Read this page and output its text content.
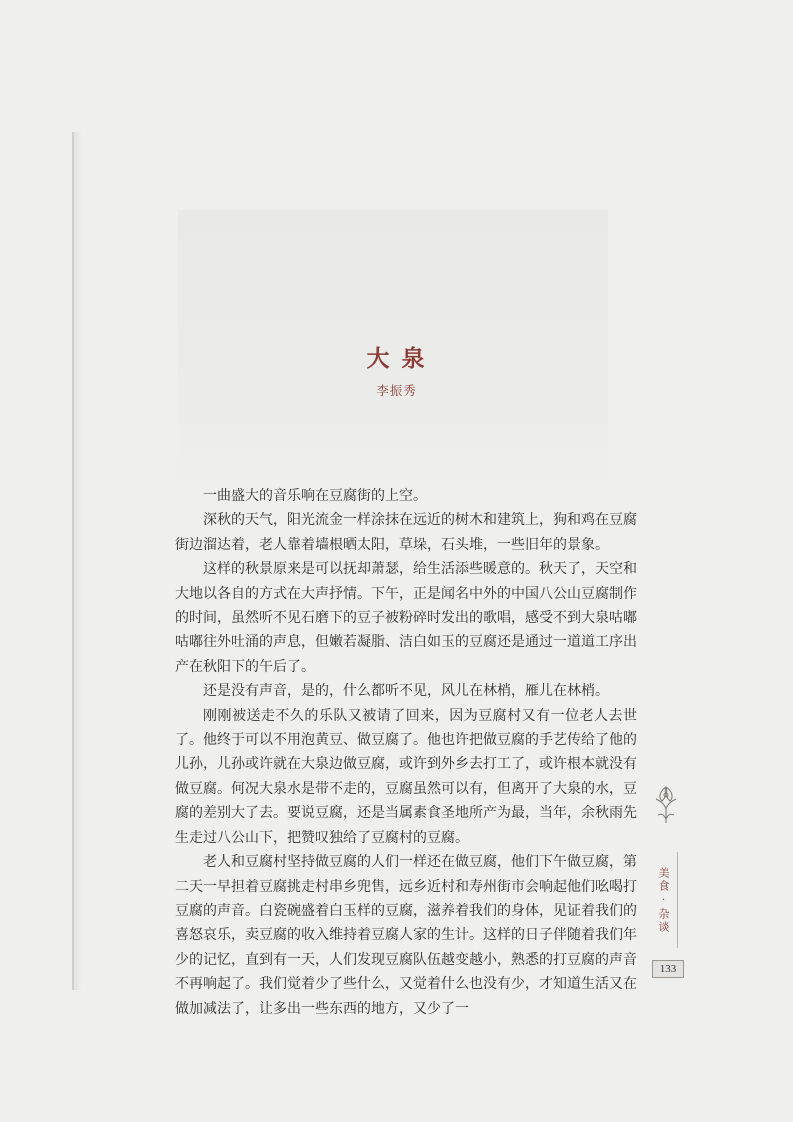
大 泉
李振秀

一曲盛大的音乐响在豆腐街的上空。

深秋的天气，阳光流金一样涂抹在远近的树木和建筑上，狗和鸡在豆腐街边溜达着，老人靠着墙根晒太阳，草垛，石头堆，一些旧年的景象。

这样的秋景原来是可以抚却萧瑟，给生活添些暖意的。秋天了，天空和大地以各自的方式在大声抒情。下午，正是闻名中外的中国八公山豆腐制作的时间，虽然听不见石磨下的豆子被粉碎时发出的歌唱，感受不到大泉咕嘟咕嘟往外吐涌的声息，但嫩若凝脂、洁白如玉的豆腐还是通过一道道工序出产在秋阳下的午后了。

还是没有声音，是的，什么都听不见，风儿在林梢，雁儿在林梢。

刚刚被送走不久的乐队又被请了回来，因为豆腐村又有一位老人去世了。他终于可以不用泡黄豆、做豆腐了。他也许把做豆腐的手艺传给了他的儿孙，儿孙或许就在大泉边做豆腐，或许到外乡去打工了，或许根本就没有做豆腐。何况大泉水是带不走的，豆腐虽然可以有，但离开了大泉的水，豆腐的差别大了去。要说豆腐，还是当属素食圣地所产为最，当年，余秋雨先生走过八公山下，把赞叹独给了豆腐村的豆腐。

老人和豆腐村坚持做豆腐的人们一样还在做豆腐，他们下午做豆腐，第二天一早担着豆腐挑走村串乡兜售，远乡近村和寿州街市会响起他们吆喝打豆腐的声音。白瓷碗盛着白玉样的豆腐，滋养着我们的身体，见证着我们的喜怒哀乐，卖豆腐的收入维持着豆腐人家的生计。这样的日子伴随着我们年少的记忆，直到有一天，人们发现豆腐队伍越变越小，熟悉的打豆腐的声音不再响起了。我们觉着少了些什么，又觉着什么也没有少，才知道生活又在做加减法了，让多出一些东西的地方，又少了一

美食·杂谈
133
